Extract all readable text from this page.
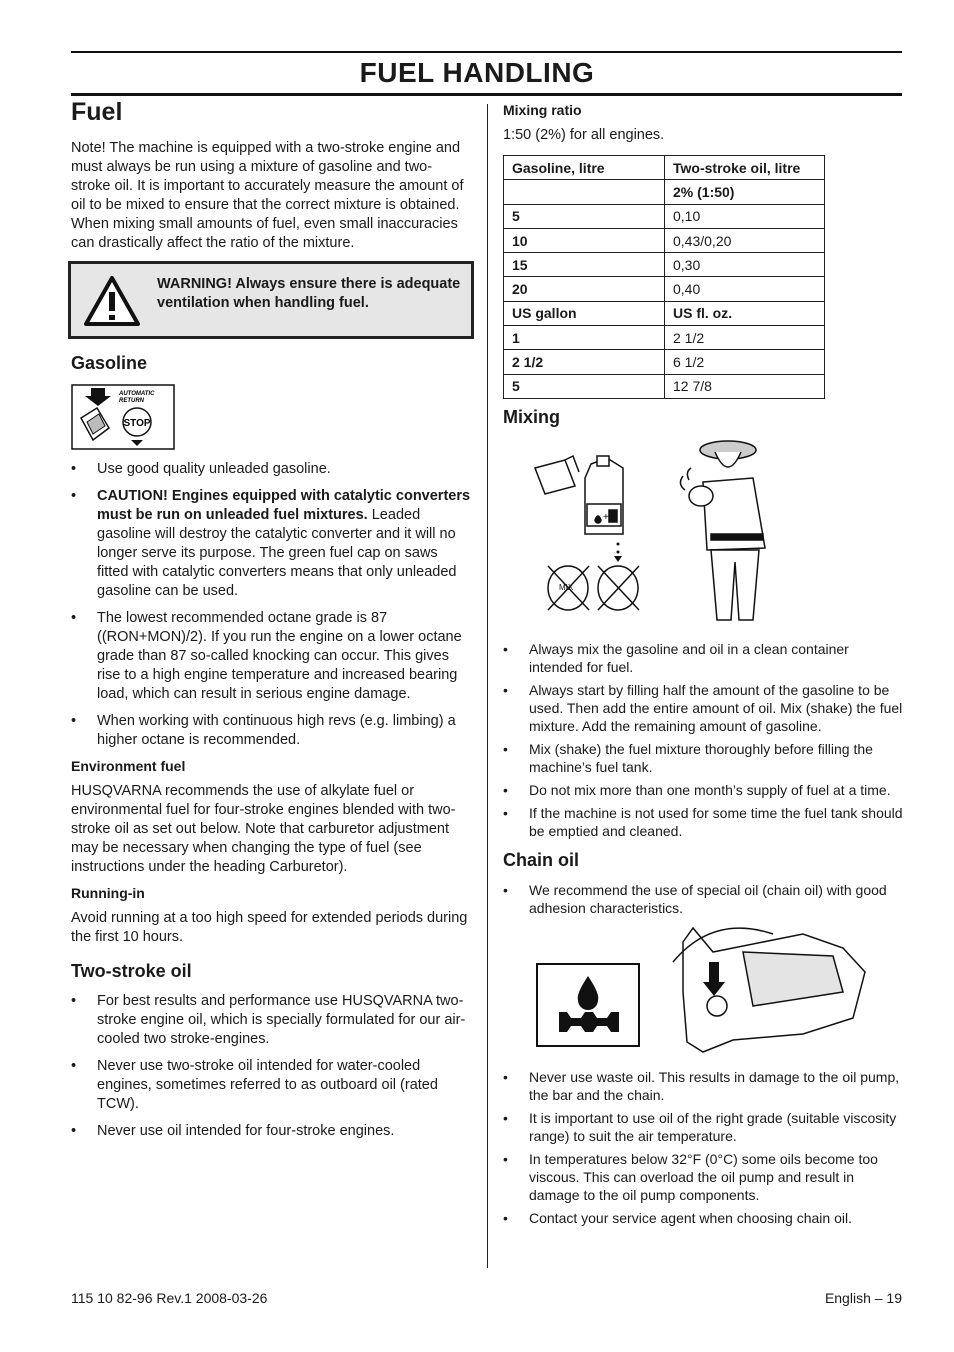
FUEL HANDLING
Fuel

Note! The machine is equipped with a two-stroke engine and must always be run using a mixture of gasoline and two-stroke oil. It is important to accurately measure the amount of oil to be mixed to ensure that the correct mixture is obtained. When mixing small amounts of fuel, even small inaccuracies can drastically affect the ratio of the mixture.

WARNING! Always ensure there is adequate ventilation when handling fuel.
Gasoline
AUTOMATIC
RETURN
STOP
• Use good quality unleaded gasoline.
• CAUTION! Engines equipped with catalytic converters must be run on unleaded fuel mixtures. Leaded gasoline will destroy the catalytic converter and it will no longer serve its purpose. The green fuel cap on saws fitted with catalytic converters means that only unleaded gasoline can be used.
• The lowest recommended octane grade is 87 ((RON+MON)/2). If you run the engine on a lower octane grade than 87 so-called knocking can occur. This gives rise to a high engine temperature and increased bearing load, which can result in serious engine damage.
• When working with continuous high revs (e.g. limbing) a higher octane is recommended.
Environment fuel

HUSQVARNA recommends the use of alkylate fuel or environmental fuel for four-stroke engines blended with two-stroke oil as set out below. Note that carburetor adjustment may be necessary when changing the type of fuel (see instructions under the heading Carburetor).

Running-in

Avoid running at a too high speed for extended periods during the first 10 hours.

Two-stroke oil
• For best results and performance use HUSQVARNA two-stroke engine oil, which is specially formulated for our air-cooled two stroke-engines.
• Never use two-stroke oil intended for water-cooled engines, sometimes referred to as outboard oil (rated TCW).
• Never use oil intended for four-stroke engines.
Mixing ratio

1:50 (2%) for all engines.

Gasoline, litre	Two-stroke oil, litre
	2% (1:50)
5	0,10
10	0,43/0,20
15	0,30
20	0,40
US gallon	US fl. oz.
1	2 1/2
2 1/2	6 1/2
5	12 7/8
Mixing
+
MIX
• Always mix the gasoline and oil in a clean container intended for fuel.
• Always start by filling half the amount of the gasoline to be used. Then add the entire amount of oil. Mix (shake) the fuel mixture. Add the remaining amount of gasoline.
• Mix (shake) the fuel mixture thoroughly before filling the machine’s fuel tank.
• Do not mix more than one month’s supply of fuel at a time.
• If the machine is not used for some time the fuel tank should be emptied and cleaned.
Chain oil
• We recommend the use of special oil (chain oil) with good adhesion characteristics.
• Never use waste oil. This results in damage to the oil pump, the bar and the chain.
• It is important to use oil of the right grade (suitable viscosity range) to suit the air temperature.
• In temperatures below 32°F (0°C) some oils become too viscous. This can overload the oil pump and result in damage to the oil pump components.
• Contact your service agent when choosing chain oil.
115 10 82-96 Rev.1 2008-03-26	English – 19
